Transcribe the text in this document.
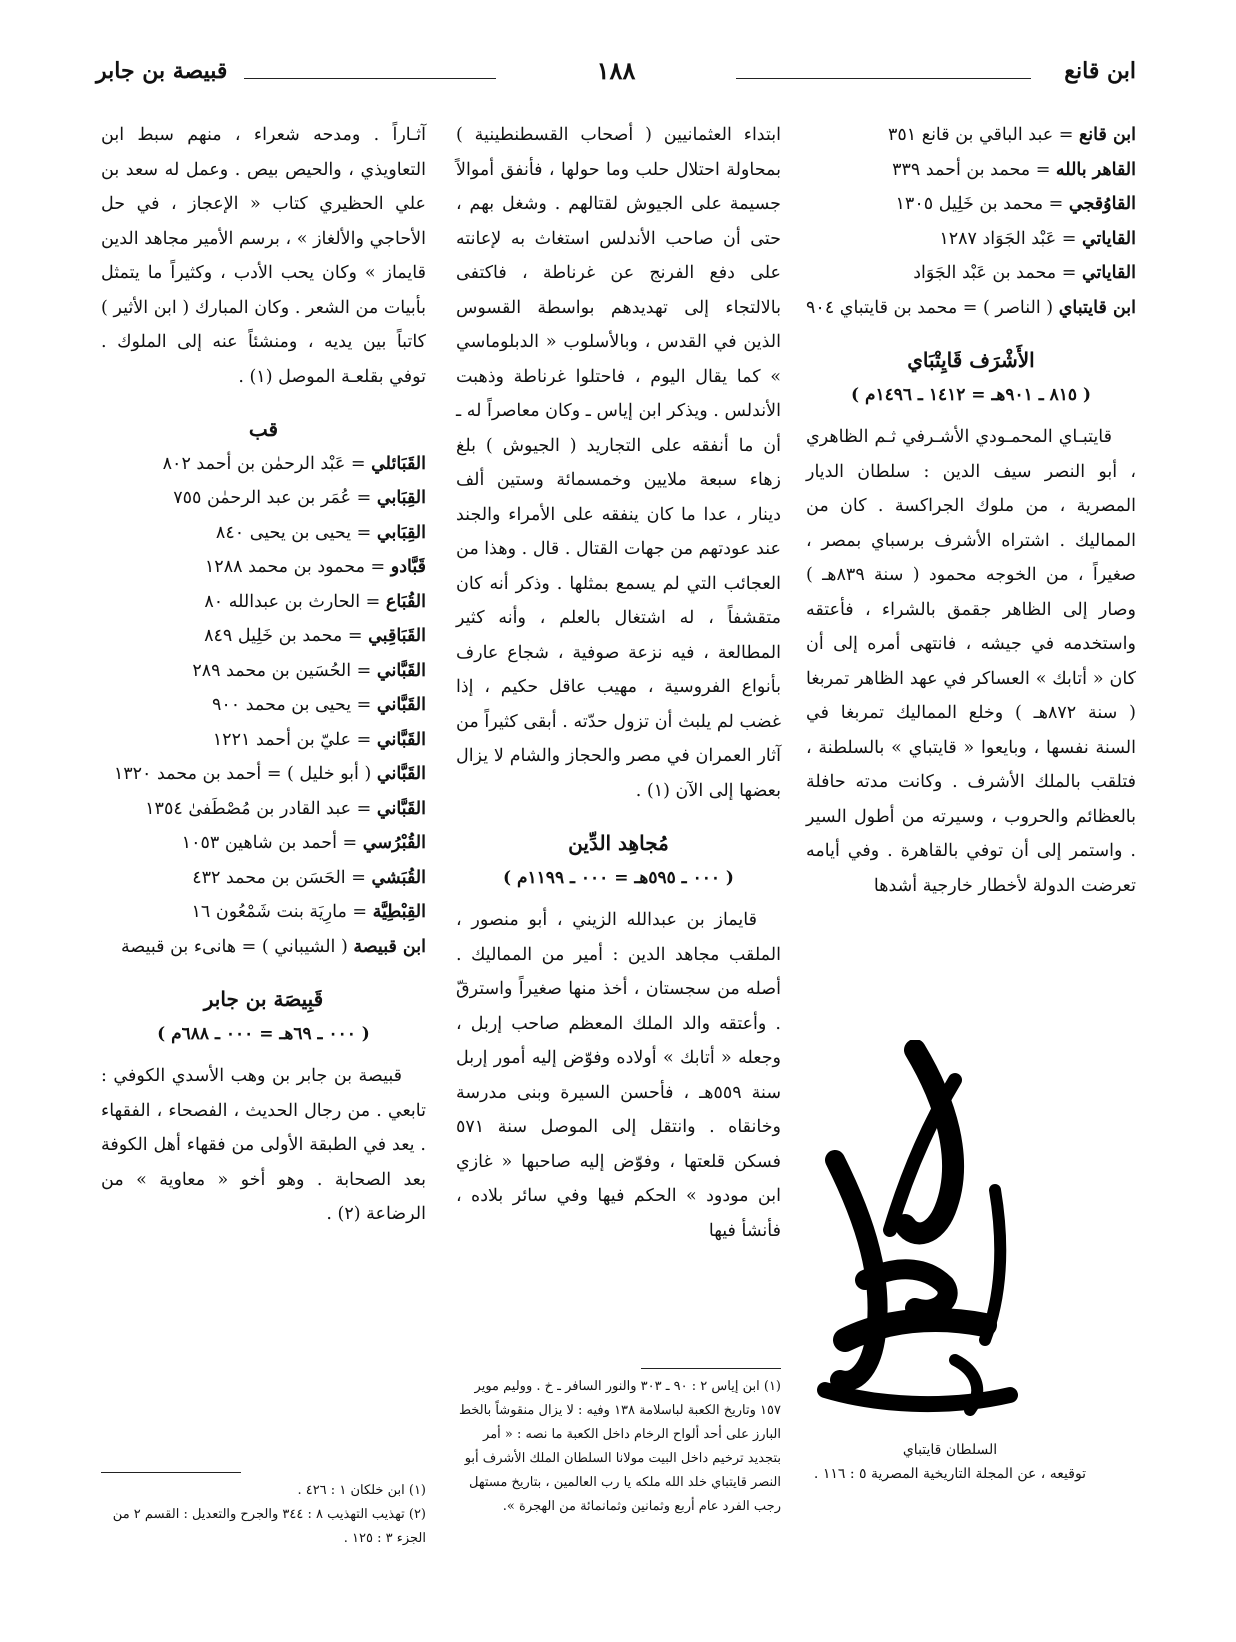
ابن قانع
١٨٨
قبيصة بن جابر
ابن قانع = عبد الباقي بن قانع ٣٥١
القاهر بالله = محمد بن أحمد ٣٣٩
القاوُقجي = محمد بن خَلِيل ١٣٠٥
القاياتي = عَبْد الجَوَاد ١٢٨٧
القاياتي = محمد بن عَبْد الجَوَاد
ابن قايتباي ( الناصر ) = محمد بن قايتباي ٩٠٤
الأَشْرَف قَايِتْبَاي
( ٨١٥ ـ ٩٠١هـ = ١٤١٢ ـ ١٤٩٦م )

قايتبـاي المحمـودي الأشـرفي ثـم الظاهري ، أبو النصر سيف الدين : سلطان الديار المصرية ، من ملوك الجراكسة . كان من المماليك . اشتراه الأشرف برسباي بمصر ، صغيراً ، من الخوجه محمود ( سنة ٨٣٩هـ ) وصار إلى الظاهر جقمق بالشراء ، فأعتقه واستخدمه في جيشه ، فانتهى أمره إلى أن كان « أتابك » العساكر في عهد الظاهر تمربغا ( سنة ٨٧٢هـ ) وخلع المماليك تمربغا في السنة نفسها ، وبايعوا « قايتباي » بالسلطنة ، فتلقب بالملك الأشرف . وكانت مدته حافلة بالعظائم والحروب ، وسيرته من أطول السير . واستمر إلى أن توفي بالقاهرة . وفي أيامه تعرضت الدولة لأخطار خارجية أشدها

ابتداء العثمانيين ( أصحاب القسطنطينية ) بمحاولة احتلال حلب وما حولها ، فأنفق أموالاً جسيمة على الجيوش لقتالهم . وشغل بهم ، حتى أن صاحب الأندلس استغاث به لإعانته على دفع الفرنج عن غرناطة ، فاكتفى بالالتجاء إلى تهديدهم بواسطة القسوس الذين في القدس ، وبالأسلوب « الدبلوماسي » كما يقال اليوم ، فاحتلوا غرناطة وذهبت الأندلس . ويذكر ابن إياس ـ وكان معاصراً له ـ أن ما أنفقه على التجاريد ( الجيوش ) بلغ زهاء سبعة ملايين وخمسمائة وستين ألف دينار ، عدا ما كان ينفقه على الأمراء والجند عند عودتهم من جهات القتال . قال . وهذا من العجائب التي لم يسمع بمثلها . وذكر أنه كان متقشفاً ، له اشتغال بالعلم ، وأنه كثير المطالعة ، فيه نزعة صوفية ، شجاع عارف بأنواع الفروسية ، مهيب عاقل حكيم ، إذا غضب لم يلبث أن تزول حدّته . أبقى كثيراً من آثار العمران في مصر والحجاز والشام لا يزال بعضها إلى الآن (١) .

مُجاهِد الدِّين
( ٠٠٠ ـ ٥٩٥هـ = ٠٠٠ ـ ١١٩٩م )

قايماز بن عبدالله الزيني ، أبو منصور ، الملقب مجاهد الدين : أمير من المماليك . أصله من سجستان ، أخذ منها صغيراً واسترقّ . وأعتقه والد الملك المعظم صاحب إربل ، وجعله « أتابك » أولاده وفوّض إليه أمور إربل سنة ٥٥٩هـ ، فأحسن السيرة وبنى مدرسة وخانقاه . وانتقل إلى الموصل سنة ٥٧١ فسكن قلعتها ، وفوّض إليه صاحبها « غازي ابن مودود » الحكم فيها وفي سائر بلاده ، فأنشأ فيها

(١) ابن إياس ٢ : ٩٠ ـ ٣٠٣ والنور السافر ـ خ . ووليم موير ١٥٧ وتاريخ الكعبة لباسلامة ١٣٨ وفيه : لا يزال منقوشاً بالخط البارز على أحد ألواح الرخام داخل الكعبة ما نصه : « أمر بتجديد ترخيم داخل البيت مولانا السلطان الملك الأشرف أبو النصر قايتباي خلد الله ملكه يا رب العالمين ، بتاريخ مستهل رجب الفرد عام أربع وثمانين وثمانمائة من الهجرة ».

آثـاراً . ومدحه شعراء ، منهم سبط ابن التعاويذي ، والحيص بيص . وعمل له سعد بن علي الحظيري كتاب « الإعجاز ، في حل الأحاجي والألغاز » ، برسم الأمير مجاهد الدين قايماز » وكان يحب الأدب ، وكثيراً ما يتمثل بأبيات من الشعر . وكان المبارك ( ابن الأثير ) كاتباً بين يديه ، ومنشئاً عنه إلى الملوك . توفي بقلعـة الموصل (١) .

قب
القَبَائلي = عَبْد الرحمٰن بن أحمد ٨٠٢
القِبَابي = عُمَر بن عبد الرحمٰن ٧٥٥
القِبَابي = يحيى بن يحيى ٨٤٠
قَبَّادو = محمود بن محمد ١٢٨٨
القُبَاع = الحارث بن عبدالله ٨٠
القَبَاقِبي = محمد بن خَلِيل ٨٤٩
القَبَّاني = الحُسَين بن محمد ٢٨٩
القَبَّاني = يحيى بن محمد ٩٠٠
القَبَّاني = عليّ بن أحمد ١٢٢١
القَبَّاني ( أبو خليل ) = أحمد بن محمد ١٣٢٠
القَبَّاني = عبد القادر بن مُصْطَفىٰ ١٣٥٤
القُبْرُسي = أحمد بن شاهين ١٠٥٣
القُبَشي = الحَسَن بن محمد ٤٣٢
القِبْطِيَّة = مارِيَة بنت شَمْعُون ١٦
ابن قبيصة ( الشيباني ) = هانىء بن قبيصة
قَبِيصَة بن جابر
( ٠٠٠ ـ ٦٩هـ = ٠٠٠ ـ ٦٨٨م )

قبيصة بن جابر بن وهب الأسدي الكوفي : تابعي . من رجال الحديث ، الفصحاء ، الفقهاء . يعد في الطبقة الأولى من فقهاء أهل الكوفة بعد الصحابة . وهو أخو « معاوية » من الرضاعة (٢) .

(١) ابن خلكان ١ : ٤٢٦ .
(٢) تهذيب التهذيب ٨ : ٣٤٤ والجرح والتعديل : القسم ٢ من الجزء ٣ : ١٢٥ .
السلطان قايتباي
توقيعه ، عن المجلة التاريخية المصرية ٥ : ١١٦ .
